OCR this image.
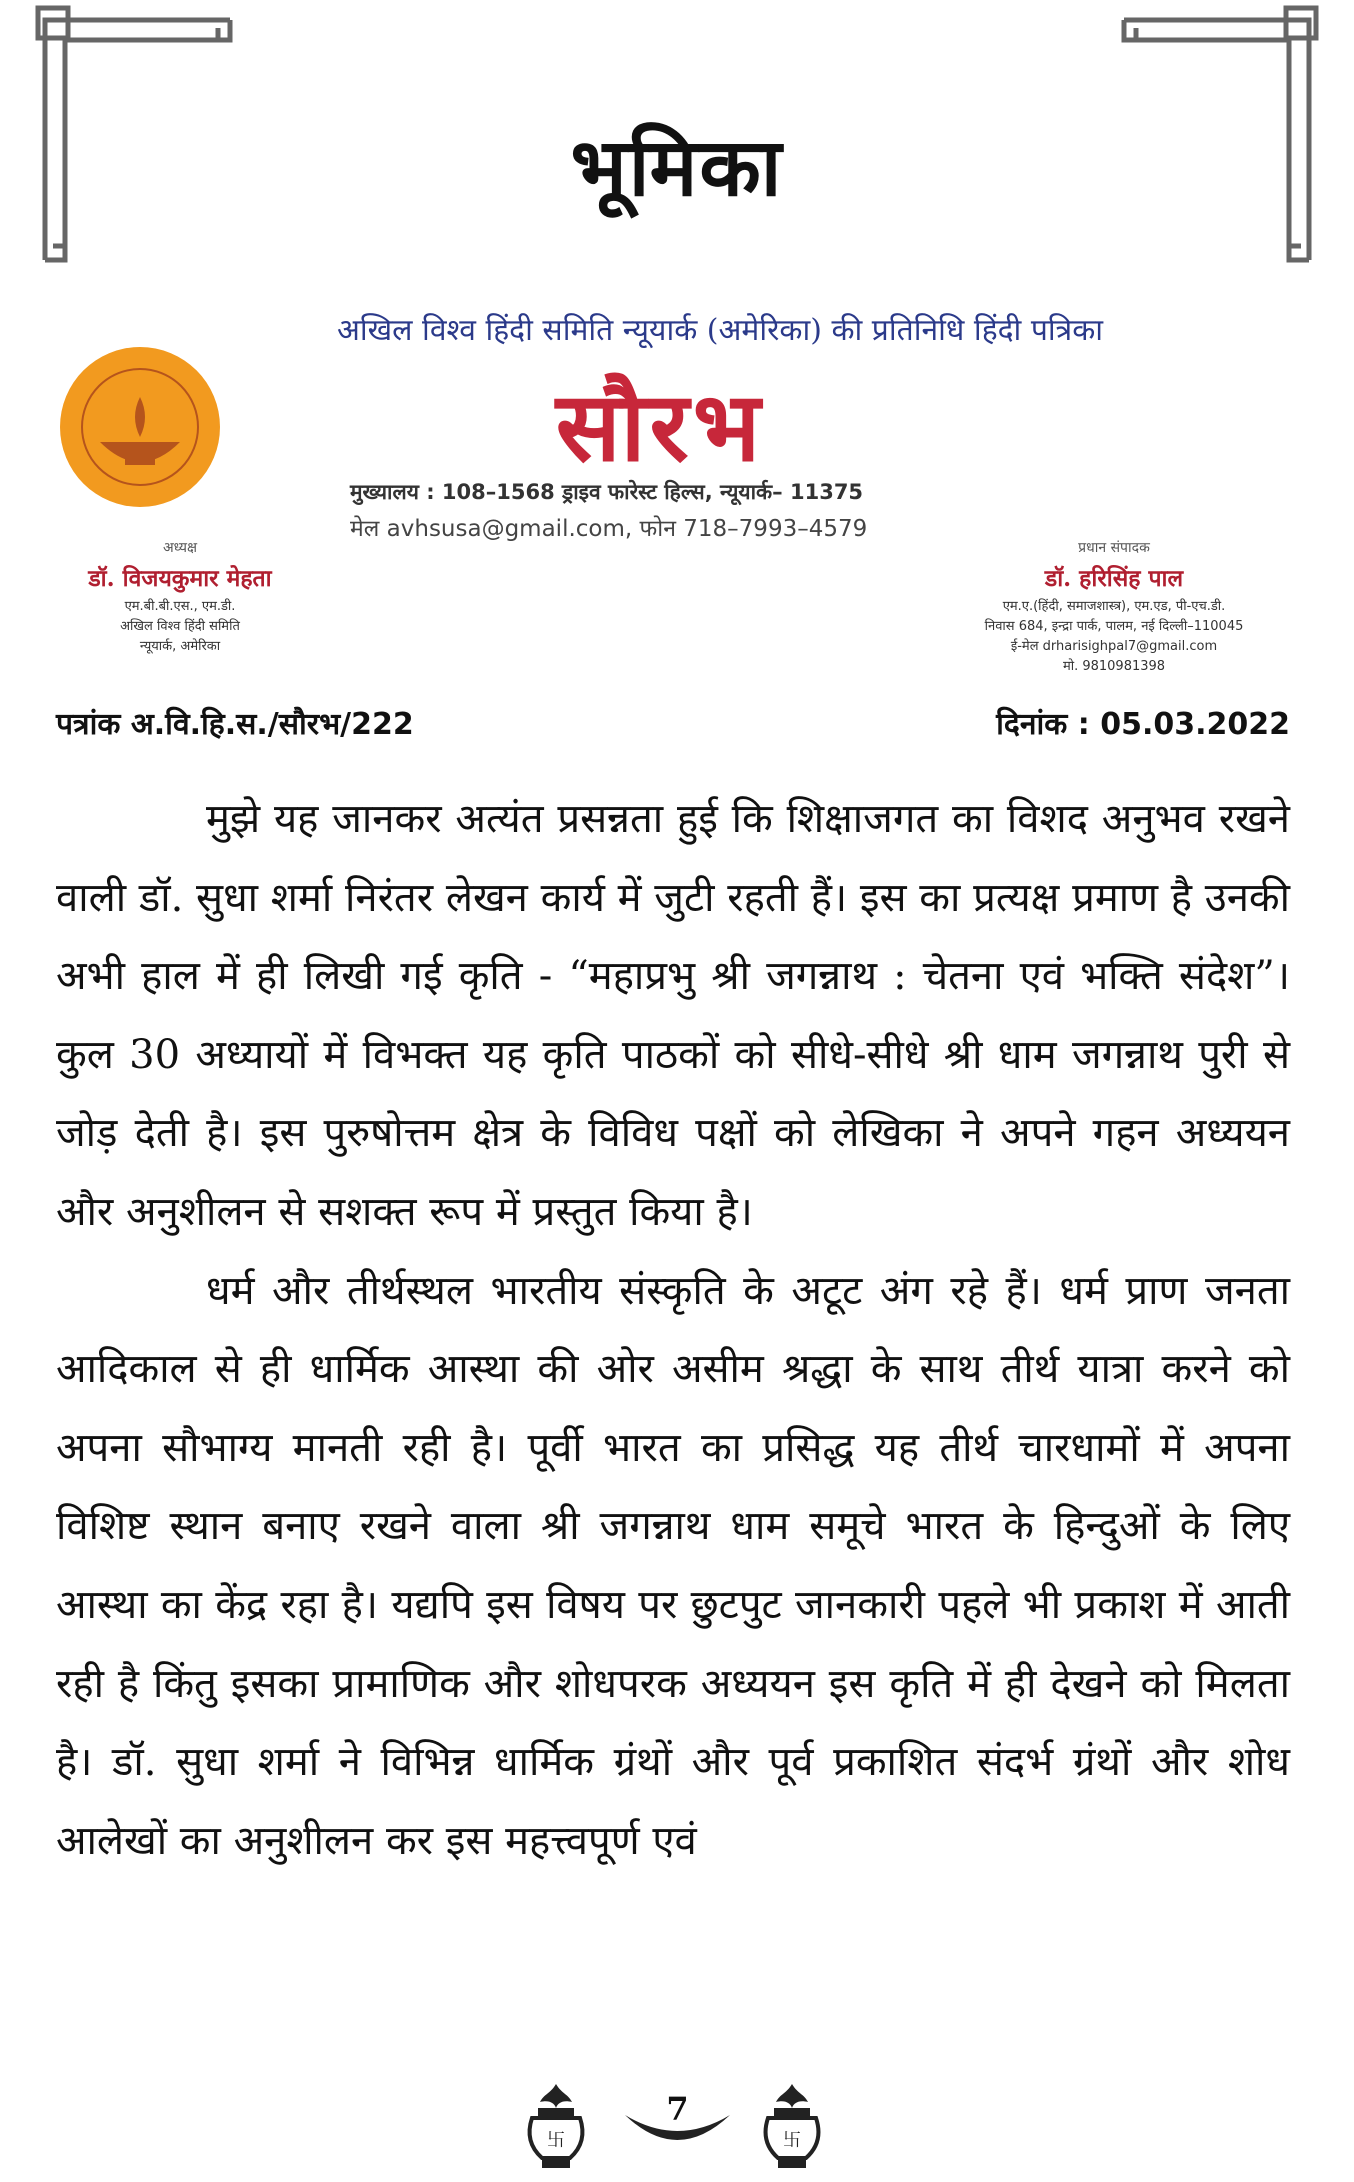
भूमिका
अखिल विश्व हिंदी समिति न्यूयार्क (अमेरिका) की प्रतिनिधि हिंदी पत्रिका
सौरभ
मुख्यालय : 108–1568 ड्राइव फारेस्ट हिल्स, न्यूयार्क– 11375
मेल avhsusa@gmail.com, फोन 718–7993–4579
अध्यक्ष
डॉ. विजयकुमार मेहता
एम.बी.बी.एस., एम.डी.
अखिल विश्व हिंदी समिति
न्यूयार्क, अमेरिका
प्रधान संपादक
डॉ. हरिसिंह पाल
एम.ए.(हिंदी, समाजशास्त्र), एम.एड, पी-एच.डी.
निवास 684, इन्द्रा पार्क, पालम, नई दिल्ली–110045
ई-मेल drharisighpal7@gmail.com
मो. 9810981398
पत्रांक अ.वि.हि.स./सौरभ/222	दिनांक : 05.03.2022

मुझे यह जानकर अत्यंत प्रसन्नता हुई कि शिक्षाजगत का विशद अनुभव रखने वाली डॉ. सुधा शर्मा निरंतर लेखन कार्य में जुटी रहती हैं। इस का प्रत्यक्ष प्रमाण है उनकी अभी हाल में ही लिखी गई कृति - “महाप्रभु श्री जगन्नाथ : चेतना एवं भक्ति संदेश”। कुल 30 अध्यायों में विभक्त यह कृति पाठकों को सीधे-सीधे श्री धाम जगन्नाथ पुरी से जोड़ देती है। इस पुरुषोत्तम क्षेत्र के विविध पक्षों को लेखिका ने अपने गहन अध्ययन और अनुशीलन से सशक्त रूप में प्रस्तुत किया है।

धर्म और तीर्थस्थल भारतीय संस्कृति के अटूट अंग रहे हैं। धर्म प्राण जनता आदिकाल से ही धार्मिक आस्था की ओर असीम श्रद्धा के साथ तीर्थ यात्रा करने को अपना सौभाग्य मानती रही है। पूर्वी भारत का प्रसिद्ध यह तीर्थ चारधामों में अपना विशिष्ट स्थान बनाए रखने वाला श्री जगन्नाथ धाम समूचे भारत के हिन्दुओं के लिए आस्था का केंद्र रहा है। यद्यपि इस विषय पर छुटपुट जानकारी पहले भी प्रकाश में आती रही है किंतु इसका प्रामाणिक और शोधपरक अध्ययन इस कृति में ही देखने को मिलता है। डॉ. सुधा शर्मा ने विभिन्न धार्मिक ग्रंथों और पूर्व प्रकाशित संदर्भ ग्रंथों और शोध आलेखों का अनुशीलन कर इस महत्त्वपूर्ण एवं

卐
7
卐
